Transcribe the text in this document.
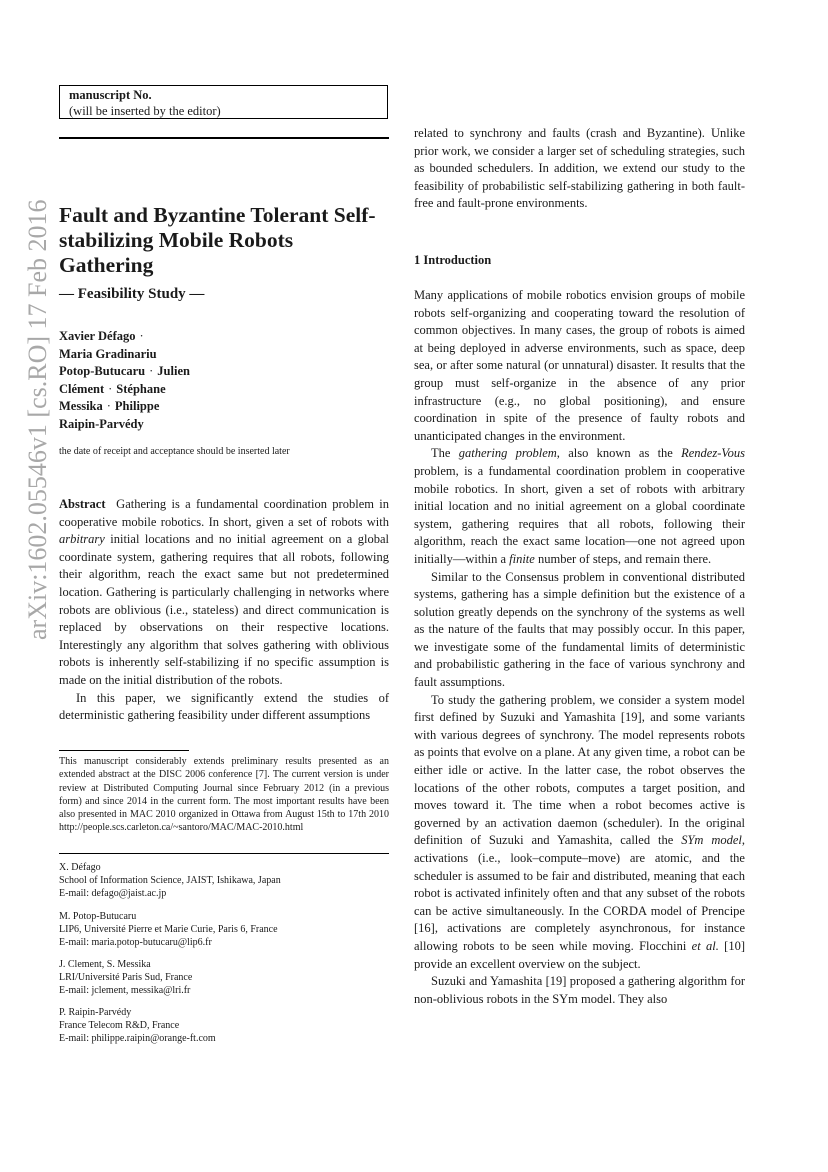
manuscript No.
(will be inserted by the editor)
Fault and Byzantine Tolerant Self-stabilizing Mobile Robots Gathering
— Feasibility Study —
Xavier Défago ·
Maria Gradinariu
Potop-Butucaru · Julien
Clément · Stéphane
Messika · Philippe
Raipin-Parvédy
the date of receipt and acceptance should be inserted later

Abstract Gathering is a fundamental coordination problem in cooperative mobile robotics. In short, given a set of robots with arbitrary initial locations and no initial agreement on a global coordinate system, gathering requires that all robots, following their algorithm, reach the exact same but not predetermined location. Gathering is particularly challenging in networks where robots are oblivious (i.e., stateless) and direct communication is replaced by observations on their respective locations. Interestingly any algorithm that solves gathering with oblivious robots is inherently self-stabilizing if no specific assumption is made on the initial distribution of the robots.

In this paper, we significantly extend the studies of deterministic gathering feasibility under different assumptions

This manuscript considerably extends preliminary results presented as an extended abstract at the DISC 2006 conference [7]. The current version is under review at Distributed Computing Journal since February 2012 (in a previous form) and since 2014 in the current form. The most important results have been also presented in MAC 2010 organized in Ottawa from August 15th to 17th 2010 http://people.scs.carleton.ca/~santoro/MAC/MAC-2010.html
X. Défago
School of Information Science, JAIST, Ishikawa, Japan
E-mail: defago@jaist.ac.jp
M. Potop-Butucaru
LIP6, Université Pierre et Marie Curie, Paris 6, France
E-mail: maria.potop-butucaru@lip6.fr
J. Clement, S. Messika
LRI/Université Paris Sud, France
E-mail: jclement, messika@lri.fr
P. Raipin-Parvédy
France Telecom R&D, France
E-mail: philippe.raipin@orange-ft.com
related to synchrony and faults (crash and Byzantine). Unlike prior work, we consider a larger set of scheduling strategies, such as bounded schedulers. In addition, we extend our study to the feasibility of probabilistic self-stabilizing gathering in both fault-free and fault-prone environments.
1 Introduction

Many applications of mobile robotics envision groups of mobile robots self-organizing and cooperating toward the resolution of common objectives. In many cases, the group of robots is aimed at being deployed in adverse environments, such as space, deep sea, or after some natural (or unnatural) disaster. It results that the group must self-organize in the absence of any prior infrastructure (e.g., no global positioning), and ensure coordination in spite of the presence of faulty robots and unanticipated changes in the environment.

The gathering problem, also known as the Rendez-Vous problem, is a fundamental coordination problem in cooperative mobile robotics. In short, given a set of robots with arbitrary initial location and no initial agreement on a global coordinate system, gathering requires that all robots, following their algorithm, reach the exact same location—one not agreed upon initially—within a finite number of steps, and remain there.

Similar to the Consensus problem in conventional distributed systems, gathering has a simple definition but the existence of a solution greatly depends on the synchrony of the systems as well as the nature of the faults that may possibly occur. In this paper, we investigate some of the fundamental limits of deterministic and probabilistic gathering in the face of various synchrony and fault assumptions.

To study the gathering problem, we consider a system model first defined by Suzuki and Yamashita [19], and some variants with various degrees of synchrony. The model represents robots as points that evolve on a plane. At any given time, a robot can be either idle or active. In the latter case, the robot observes the locations of the other robots, computes a target position, and moves toward it. The time when a robot becomes active is governed by an activation daemon (scheduler). In the original definition of Suzuki and Yamashita, called the SYm model, activations (i.e., look–compute–move) are atomic, and the scheduler is assumed to be fair and distributed, meaning that each robot is activated infinitely often and that any subset of the robots can be active simultaneously. In the CORDA model of Prencipe [16], activations are completely asynchronous, for instance allowing robots to be seen while moving. Flocchini et al. [10] provide an excellent overview on the subject.

Suzuki and Yamashita [19] proposed a gathering algorithm for non-oblivious robots in the SYm model. They also

arXiv:1602.05546v1 [cs.RO] 17 Feb 2016
